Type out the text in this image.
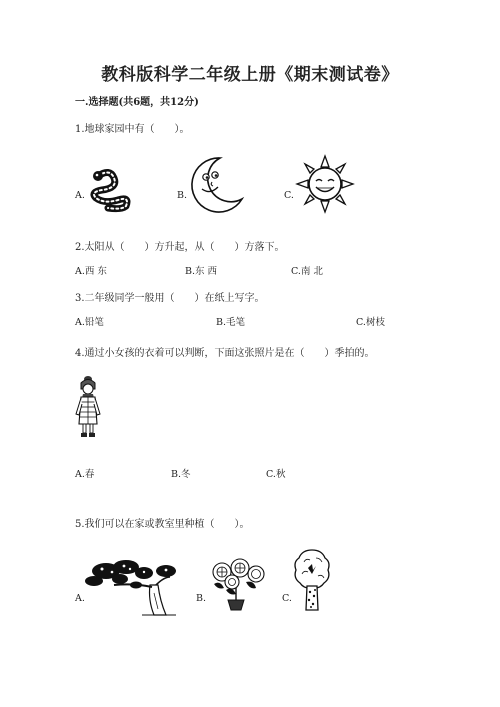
教科版科学二年级上册《期末测试卷》
一.选择题(共6题，共12分)
1.地球家园中有（　　）。
A.	B.	C.
2.太阳从（　　）方升起，从（　　）方落下。
A.西 东	B.东 西	C.南 北
3.二年级同学一般用（　　）在纸上写字。
A.铅笔	B.毛笔	C.树枝
4.通过小女孩的衣着可以判断，下面这张照片是在（　　）季拍的。
A.春	B.冬	C.秋
5.我们可以在家或教室里种植（　　）。
A.	B.	C.
